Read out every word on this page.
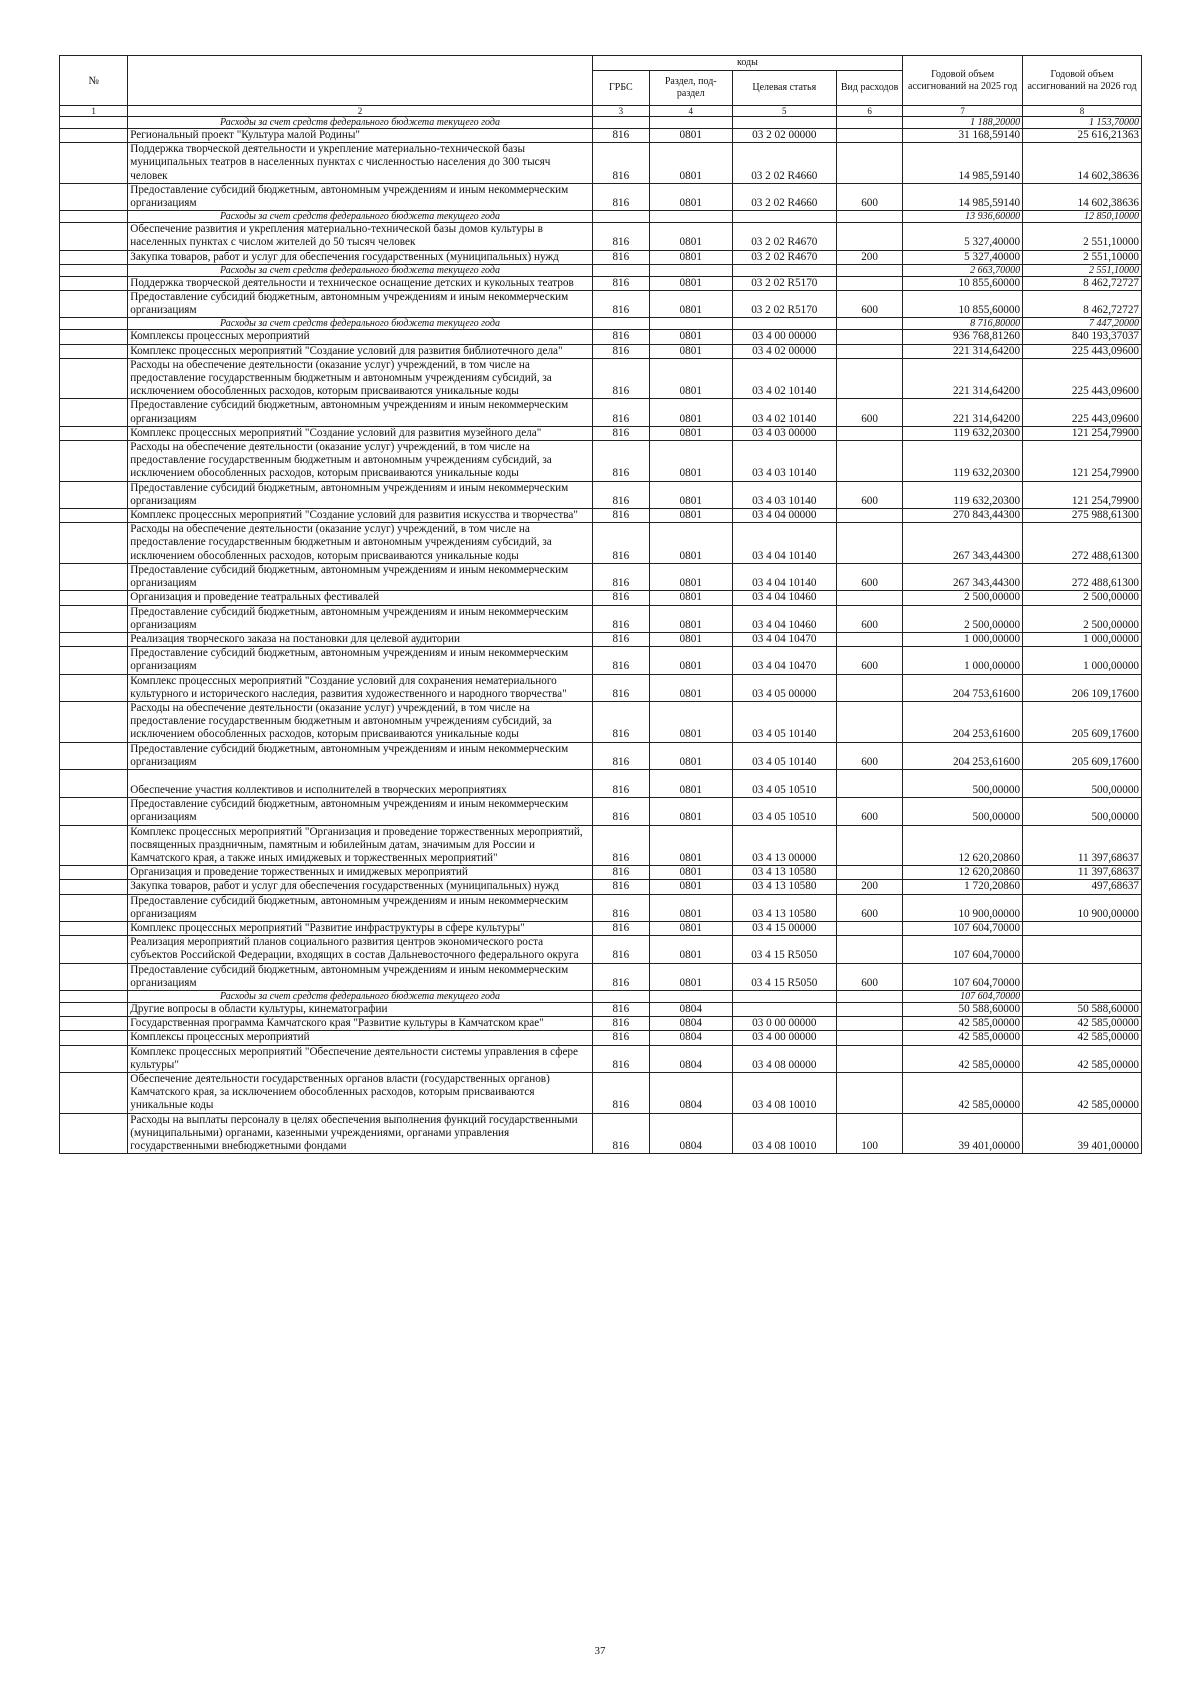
№		коды				Годовой объем ассигнований на 2025 год	Годовой объем ассигнований на 2026 год
		ГРБС	Раздел, под-раздел	Целевая статья	Вид расходов		
1	2	3	4	5	6	7	8
	Расходы за счет средств федерального бюджета текущего года					1 188,20000	1 153,70000
	Региональный проект "Культура малой Родины"	816	0801	03 2 02 00000		31 168,59140	25 616,21363
	Поддержка творческой деятельности и укрепление материально-технической базы муниципальных театров в населенных пунктах с численностью населения до 300 тысяч человек	816	0801	03 2 02 R4660		14 985,59140	14 602,38636
	Предоставление субсидий бюджетным, автономным учреждениям и иным некоммерческим организациям	816	0801	03 2 02 R4660	600	14 985,59140	14 602,38636
	Расходы за счет средств федерального бюджета текущего года					13 936,60000	12 850,10000
	Обеспечение развития и укрепления материально-технической базы домов культуры в населенных пунктах с числом жителей до 50 тысяч человек	816	0801	03 2 02 R4670		5 327,40000	2 551,10000
	Закупка товаров, работ и услуг для обеспечения государственных (муниципальных) нужд	816	0801	03 2 02 R4670	200	5 327,40000	2 551,10000
	Расходы за счет средств федерального бюджета текущего года					2 663,70000	2 551,10000
	Поддержка творческой деятельности и техническое оснащение детских и кукольных театров	816	0801	03 2 02 R5170		10 855,60000	8 462,72727
	Предоставление субсидий бюджетным, автономным учреждениям и иным некоммерческим организациям	816	0801	03 2 02 R5170	600	10 855,60000	8 462,72727
	Расходы за счет средств федерального бюджета текущего года					8 716,80000	7 447,20000
	Комплексы процессных мероприятий	816	0801	03 4 00 00000		936 768,81260	840 193,37037
	Комплекс процессных мероприятий "Создание условий для развития библиотечного дела"	816	0801	03 4 02 00000		221 314,64200	225 443,09600
	Расходы на обеспечение деятельности (оказание услуг) учреждений, в том числе на предоставление государственным бюджетным и автономным учреждениям субсидий, за исключением обособленных расходов, которым присваиваются уникальные коды	816	0801	03 4 02 10140		221 314,64200	225 443,09600
	Предоставление субсидий бюджетным, автономным учреждениям и иным некоммерческим организациям	816	0801	03 4 02 10140	600	221 314,64200	225 443,09600
	Комплекс процессных мероприятий "Создание условий для развития музейного дела"	816	0801	03 4 03 00000		119 632,20300	121 254,79900
	Расходы на обеспечение деятельности (оказание услуг) учреждений, в том числе на предоставление государственным бюджетным и автономным учреждениям субсидий, за исключением обособленных расходов, которым присваиваются уникальные коды	816	0801	03 4 03 10140		119 632,20300	121 254,79900
	Предоставление субсидий бюджетным, автономным учреждениям и иным некоммерческим организациям	816	0801	03 4 03 10140	600	119 632,20300	121 254,79900
	Комплекс процессных мероприятий "Создание условий для развития искусства и творчества"	816	0801	03 4 04 00000		270 843,44300	275 988,61300
	Расходы на обеспечение деятельности (оказание услуг) учреждений, в том числе на предоставление государственным бюджетным и автономным учреждениям субсидий, за исключением обособленных расходов, которым присваиваются уникальные коды	816	0801	03 4 04 10140		267 343,44300	272 488,61300
	Предоставление субсидий бюджетным, автономным учреждениям и иным некоммерческим организациям	816	0801	03 4 04 10140	600	267 343,44300	272 488,61300
	Организация и проведение театральных фестивалей	816	0801	03 4 04 10460		2 500,00000	2 500,00000
	Предоставление субсидий бюджетным, автономным учреждениям и иным некоммерческим организациям	816	0801	03 4 04 10460	600	2 500,00000	2 500,00000
	Реализация творческого заказа на постановки для целевой аудитории	816	0801	03 4 04 10470		1 000,00000	1 000,00000
	Предоставление субсидий бюджетным, автономным учреждениям и иным некоммерческим организациям	816	0801	03 4 04 10470	600	1 000,00000	1 000,00000
	Комплекс процессных мероприятий "Создание условий для сохранения нематериального культурного и исторического наследия, развития художественного и народного творчества"	816	0801	03 4 05 00000		204 753,61600	206 109,17600
	Расходы на обеспечение деятельности (оказание услуг) учреждений, в том числе на предоставление государственным бюджетным и автономным учреждениям субсидий, за исключением обособленных расходов, которым присваиваются уникальные коды	816	0801	03 4 05 10140		204 253,61600	205 609,17600
	Предоставление субсидий бюджетным, автономным учреждениям и иным некоммерческим организациям	816	0801	03 4 05 10140	600	204 253,61600	205 609,17600
	Обеспечение участия коллективов и исполнителей в творческих мероприятиях	816	0801	03 4 05 10510		500,00000	500,00000
	Предоставление субсидий бюджетным, автономным учреждениям и иным некоммерческим организациям	816	0801	03 4 05 10510	600	500,00000	500,00000
	Комплекс процессных мероприятий "Организация и проведение торжественных мероприятий, посвященных праздничным, памятным и юбилейным датам, значимым для России и Камчатского края, а также иных имиджевых и торжественных мероприятий"	816	0801	03 4 13 00000		12 620,20860	11 397,68637
	Организация и проведение торжественных и имиджевых мероприятий	816	0801	03 4 13 10580		12 620,20860	11 397,68637
	Закупка товаров, работ и услуг для обеспечения государственных (муниципальных) нужд	816	0801	03 4 13 10580	200	1 720,20860	497,68637
	Предоставление субсидий бюджетным, автономным учреждениям и иным некоммерческим организациям	816	0801	03 4 13 10580	600	10 900,00000	10 900,00000
	Комплекс процессных мероприятий "Развитие инфраструктуры в сфере культуры"	816	0801	03 4 15 00000		107 604,70000	
	Реализация мероприятий планов социального развития центров экономического роста субъектов Российской Федерации, входящих в состав Дальневосточного федерального округа	816	0801	03 4 15 R5050		107 604,70000	
	Предоставление субсидий бюджетным, автономным учреждениям и иным некоммерческим организациям	816	0801	03 4 15 R5050	600	107 604,70000	
	Расходы за счет средств федерального бюджета текущего года					107 604,70000	
	Другие вопросы в области культуры, кинематографии	816	0804			50 588,60000	50 588,60000
	Государственная программа Камчатского края "Развитие культуры в Камчатском крае"	816	0804	03 0 00 00000		42 585,00000	42 585,00000
	Комплексы процессных мероприятий	816	0804	03 4 00 00000		42 585,00000	42 585,00000
	Комплекс процессных мероприятий "Обеспечение деятельности системы управления в сфере культуры"	816	0804	03 4 08 00000		42 585,00000	42 585,00000
	Обеспечение деятельности государственных органов власти (государственных органов) Камчатского края, за исключением обособленных расходов, которым присваиваются уникальные коды	816	0804	03 4 08 10010		42 585,00000	42 585,00000
	Расходы на выплаты персоналу в целях обеспечения выполнения функций государственными (муниципальными) органами, казенными учреждениями, органами управления государственными внебюджетными фондами	816	0804	03 4 08 10010	100	39 401,00000	39 401,00000
37
